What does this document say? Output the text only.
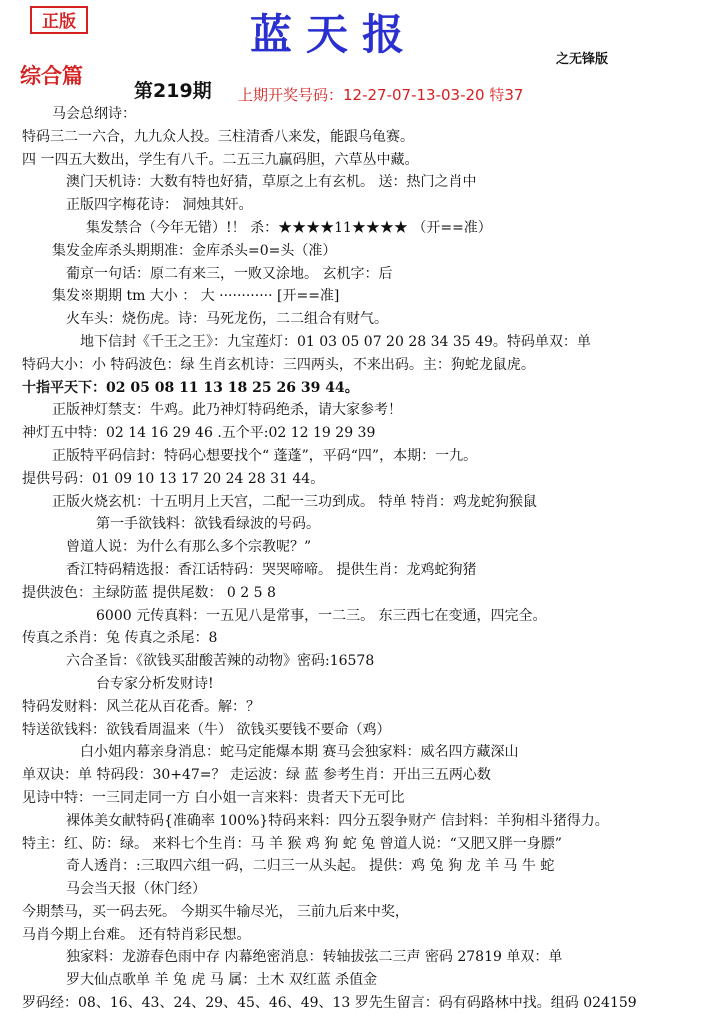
正版	蓝天报
之无锋版
综合篇
第219期 上期开奖号码：12-27-07-13-03-20 特37
马会总纲诗：
特码三二一六合，九九众人投。三柱清香八来发，能跟乌龟赛。
四 一四五大数出，学生有八千。二五三九赢码胆，六草丛中藏。
澳门天机诗：大数有特也好猜，草原之上有玄机。 送：热门之肖中
正版四字梅花诗： 洞烛其奸。
集发禁合（今年无错）!！ 杀：★★★★11★★★★ （开==准）
集发金库杀头期期准：金库杀头=0=头（准）
葡京一句话：原二有来三，一败又涂地。 玄机字：后
集发※期期 tm 大小 ： 大 ············ [开==准]
火车头：烧伤虎。诗：马死龙伤，二二组合有财气。
地下信封《千王之王》：九宝莲灯：01 03 05 07 20 28 34 35 49。特码单双：单
特码大小：小 特码波色：绿 生肖玄机诗：三四两头，不来出码。主：狗蛇龙鼠虎。
十指平天下：02 05 08 11 13 18 25 26 39 44。
正版神灯禁支：牛鸡。此乃神灯特码绝杀，请大家参考！
神灯五中特：02 14 16 29 46 .五个平:02 12 19 29 39
正版特平码信封：特码心想要找个“ 蓬蓬”，平码“四”，本期：一九。
提供号码：01 09 10 13 17 20 24 28 31 44。
正版火烧玄机：十五明月上天宫，二配一三功到成。 特单 特肖：鸡龙蛇狗猴鼠
第一手欲钱料：欲钱看绿波的号码。
曾道人说：为什么有那么多个宗教呢？”
香江特码精选报：香江话特码：哭哭啼啼。 提供生肖：龙鸡蛇狗猪
提供波色：主绿防蓝 提供尾数： 0 2 5 8
6000 元传真料：一五见八是常事，一二三。 东三西七在变通，四完全。
传真之杀肖：兔 传真之杀尾：8
六合圣旨：《欲钱买甜酸苦辣的动物》密码:16578
台专家分析发财诗!
特码发财料：风兰花从百花香。解：？
特送欲钱料：欲钱看周温来（牛） 欲钱买要钱不要命（鸡）
白小姐内幕亲身消息：蛇马定能爆本期 赛马会独家料：威名四方藏深山
单双诀：单 特码段：30+47=？ 走运波：绿 蓝 参考生肖：开出三五两心数
见诗中特：一三同走同一方 白小姐一言来料：贵者天下无可比
裸体美女献特码{准确率 100%}特码来料：四分五裂争财产 信封料：羊狗相斗猪得力。
特主：红、防：绿。 来料七个生肖：马 羊 猴 鸡 狗 蛇 兔 曾道人说：“又肥又胖一身膘”
奇人透肖：:三取四六组一码，二归三一从头起。 提供：鸡 兔 狗 龙 羊 马 牛 蛇
马会当天报（休门经）
今期禁马，买一码去死。 今期买牛输尽光， 三前九后来中奖，
马肖今期上台难。 还有特肖彩民想。
独家料：龙游春色雨中存 内幕绝密消息：转轴拔弦二三声 密码 27819 单双：单
罗大仙点歌单 羊 兔 虎 马 属：土木 双红蓝 杀值金
罗码经：08、16、43、24、29、45、46、49、13 罗先生留言：码有码路林中找。组码 024159
